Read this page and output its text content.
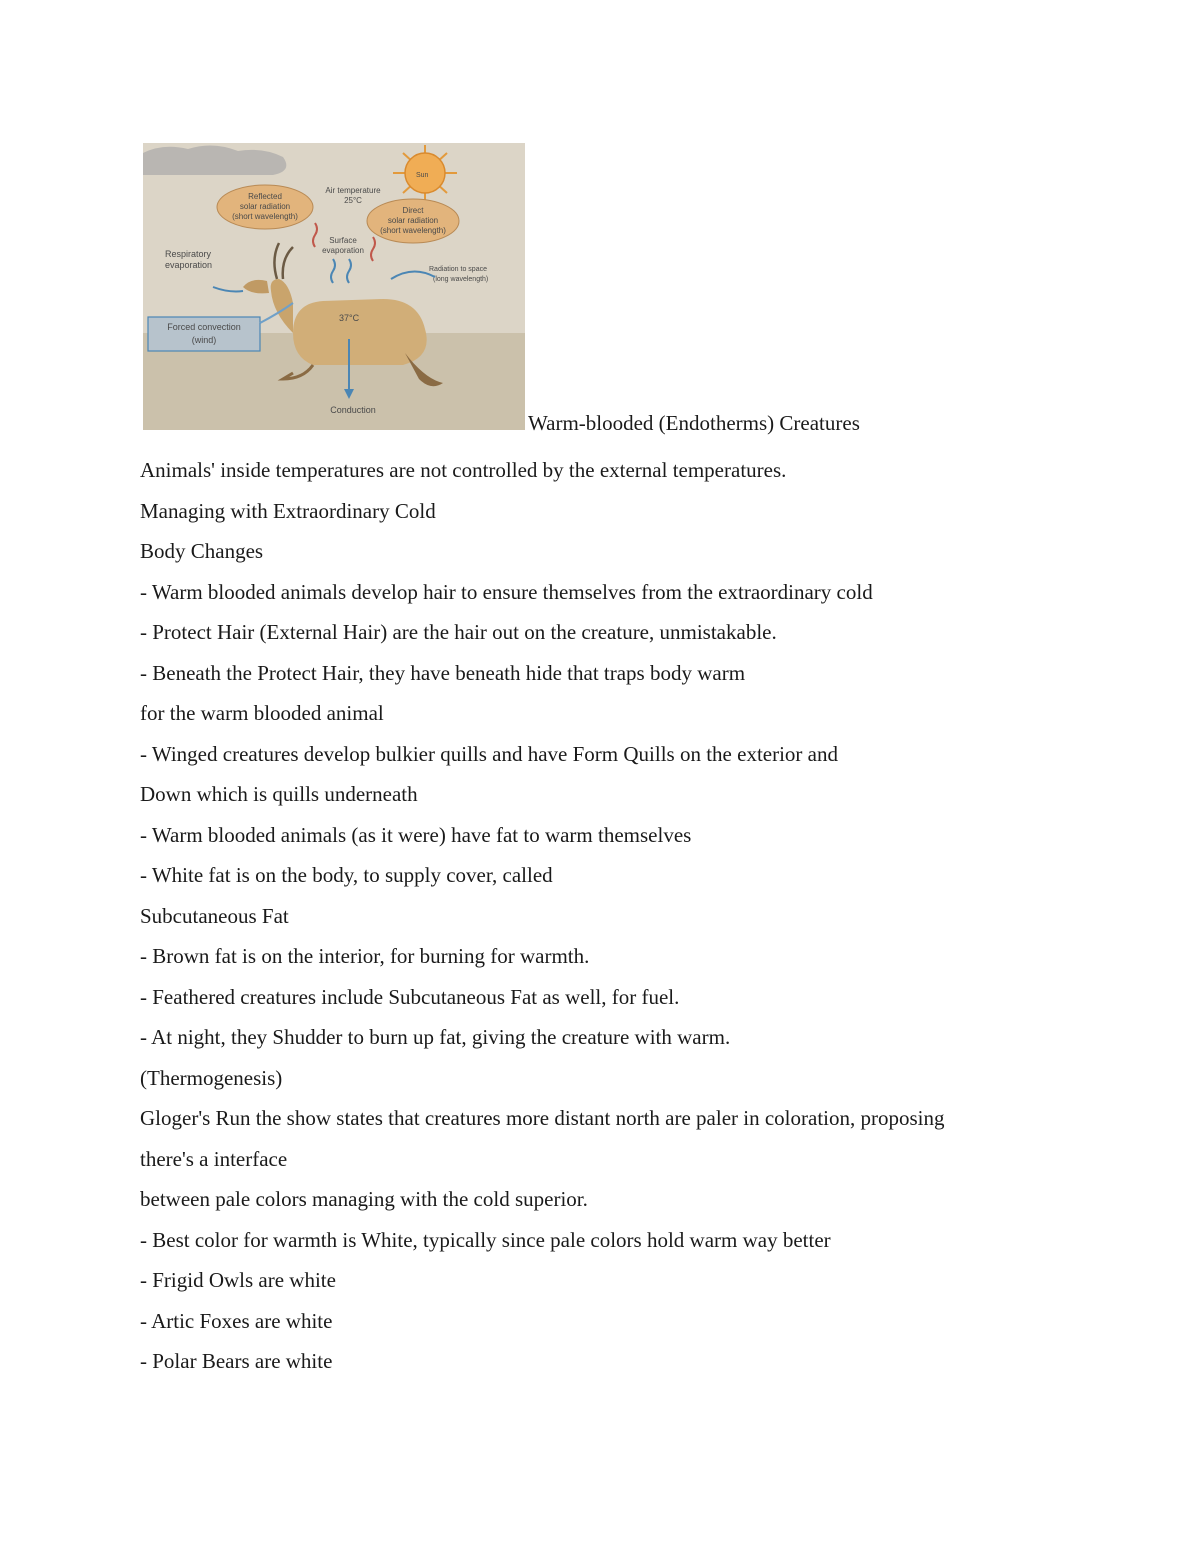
Sun
Reflected
solar radiation
(short wavelength)
Air temperature
25°C
Direct
solar radiation
(short wavelength)
Surface
evaporation
Respiratory
evaporation	Radiation to space
(long wavelength)
37°C
Forced convection
(wind)
Conduction
Warm-blooded (Endotherms) Creatures
Animals' inside temperatures are not controlled by the external temperatures.
Managing with Extraordinary Cold
Body Changes
- Warm blooded animals develop hair to ensure themselves from the extraordinary cold
- Protect Hair (External Hair) are the hair out on the creature, unmistakable.
- Beneath the Protect Hair, they have beneath hide that traps body warm
for the warm blooded animal
- Winged creatures develop bulkier quills and have Form Quills on the exterior and
Down which is quills underneath
- Warm blooded animals (as it were) have fat to warm themselves
- White fat is on the body, to supply cover, called
Subcutaneous Fat
- Brown fat is on the interior, for burning for warmth.
- Feathered creatures include Subcutaneous Fat as well, for fuel.
- At night, they Shudder to burn up fat, giving the creature with warm.
(Thermogenesis)
Gloger's Run the show states that creatures more distant north are paler in coloration, proposing
there's a interface
between pale colors managing with the cold superior.
- Best color for warmth is White, typically since pale colors hold warm way better
- Frigid Owls are white
- Artic Foxes are white
- Polar Bears are white
